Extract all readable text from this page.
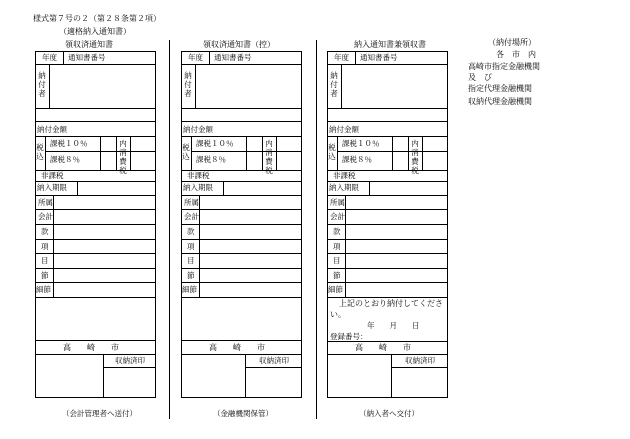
様式第７号の２（第２８条第２項）
（適格納入通知書）
（納付場所）
各　市　内
高崎市指定金融機関
及　び
指定代理金融機関
収納代理金融機関
領収済通知書
年度 通知書番号
納付者
納付金額
税込
課税１０％
課税８％
内消費税
非課税
納入期限
所属
会計
款
項
目
節
細節
高　　崎　　市
収納済印
（会計管理者へ送付）
領収済通知書（控）
年度 通知書番号
納付者
納付金額
税込
課税１０％
課税８％
内消費税
非課税
納入期限
所属
会計
款
項
目
節
細節
高　　崎　　市
収納済印
（金融機関保管）
納入通知書兼領収書
年度 通知書番号
納付者
納付金額
税込
課税１０％
課税８％
内消費税
非課税
納入期限
所属
会計
款
項
目
節
細節
上記のとおり納付してくださ
い。
年　　月　　日
登録番号：
高　　崎　　市
収納済印
（納入者へ交付）
